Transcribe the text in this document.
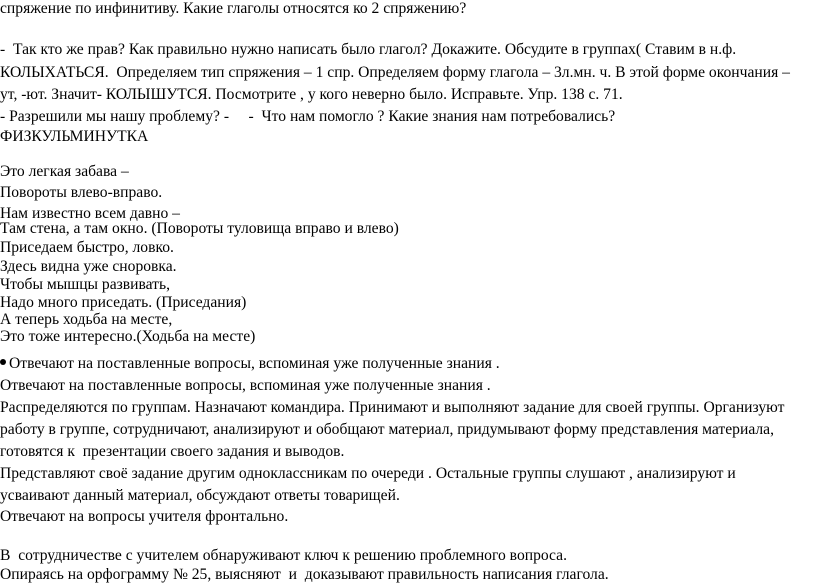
спряжение по инфинитиву. Какие глаголы относятся ко 2 спряжению?

-  Так кто же прав? Как правильно нужно написать было глагол? Докажите. Обсудите в группах( Ставим в н.ф.

КОЛЫХАТЬСЯ.  Определяем тип спряжения – 1 спр. Определяем форму глагола – 3л.мн. ч. В этой форме окончания –

ут, -ют. Значит- КОЛЫШУТСЯ. Посмотрите , у кого неверно было. Исправьте. Упр. 138 с. 71.

- Разрешили мы нашу проблему? -     -  Что нам помогло ? Какие знания нам потребовались?

ФИЗКУЛЬМИНУТКА

Это легкая забава –

Повороты влево-вправо.

Нам известно всем давно –

Там стена, а там окно. (Повороты туловища вправо и влево)

Приседаем быстро, ловко.

Здесь видна уже сноровка.

Чтобы мышцы развивать,

Надо много приседать. (Приседания)

А теперь ходьба на месте,

Это тоже интересно.(Ходьба на месте)

Отвечают на поставленные вопросы, вспоминая уже полученные знания .

Отвечают на поставленные вопросы, вспоминая уже полученные знания .

Распределяются по группам. Назначают командира. Принимают и выполняют задание для своей группы. Организуют

работу в группе, сотрудничают, анализируют и обобщают материал, придумывают форму представления материала,

готовятся к  презентации своего задания и выводов.

Представляют своё задание другим одноклассникам по очереди . Остальные группы слушают , анализируют и

усваивают данный материал, обсуждают ответы товарищей.

Отвечают на вопросы учителя фронтально.

В  сотрудничестве с учителем обнаруживают ключ к решению проблемного вопроса.

Опираясь на орфограмму № 25, выясняют  и  доказывают правильность написания глагола.
